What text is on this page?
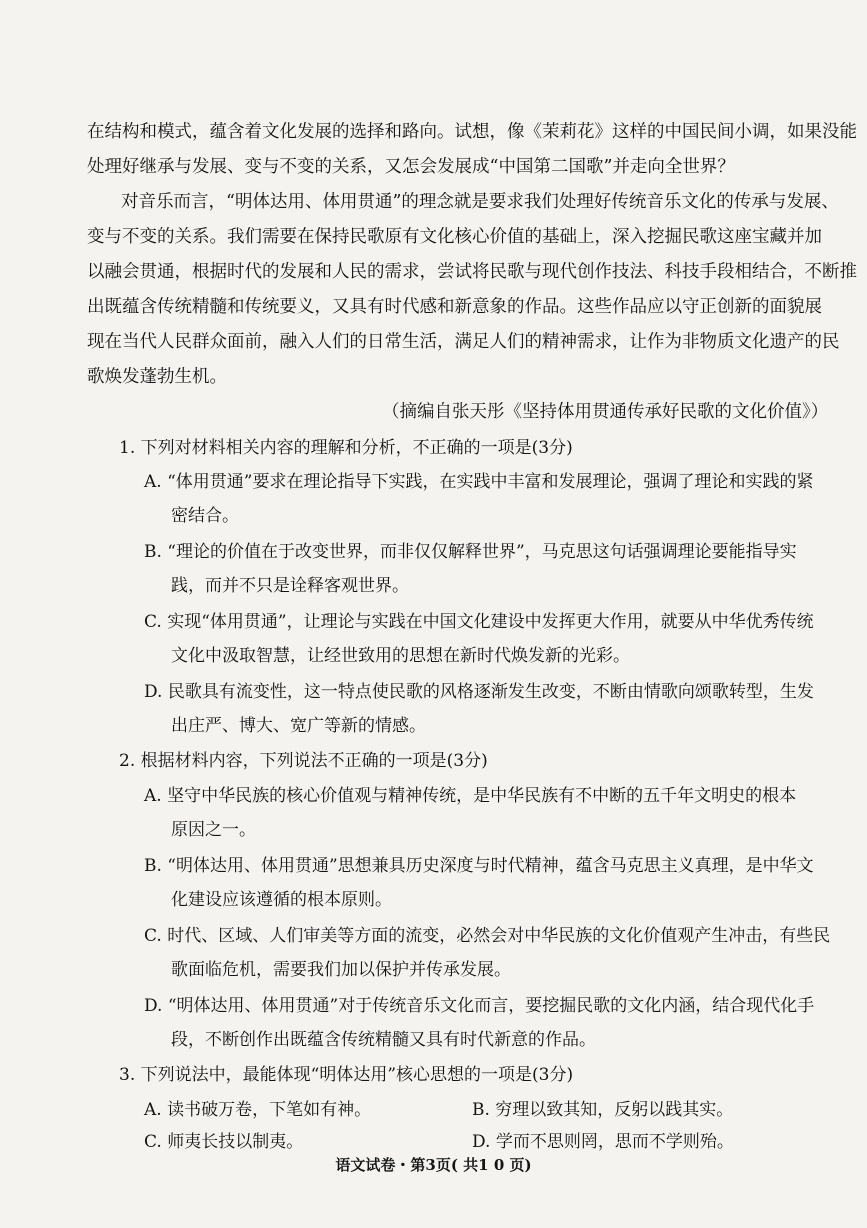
在结构和模式，蕴含着文化发展的选择和路向。试想，像《茉莉花》这样的中国民间小调，如果没能
处理好继承与发展、变与不变的关系，又怎会发展成“中国第二国歌”并走向全世界？
对音乐而言，“明体达用、体用贯通”的理念就是要求我们处理好传统音乐文化的传承与发展、
变与不变的关系。我们需要在保持民歌原有文化核心价值的基础上，深入挖掘民歌这座宝藏并加
以融会贯通，根据时代的发展和人民的需求，尝试将民歌与现代创作技法、科技手段相结合，不断推
出既蕴含传统精髓和传统要义，又具有时代感和新意象的作品。这些作品应以守正创新的面貌展
现在当代人民群众面前，融入人们的日常生活，满足人们的精神需求，让作为非物质文化遗产的民
歌焕发蓬勃生机。
（摘编自张天彤《坚持体用贯通传承好民歌的文化价值》）
1. 下列对材料相关内容的理解和分析，不正确的一项是(3分)
A. “体用贯通”要求在理论指导下实践，在实践中丰富和发展理论，强调了理论和实践的紧
密结合。
B. “理论的价值在于改变世界，而非仅仅解释世界”，马克思这句话强调理论要能指导实
践，而并不只是诠释客观世界。
C. 实现“体用贯通”，让理论与实践在中国文化建设中发挥更大作用，就要从中华优秀传统
文化中汲取智慧，让经世致用的思想在新时代焕发新的光彩。
D. 民歌具有流变性，这一特点使民歌的风格逐渐发生改变，不断由情歌向颂歌转型，生发
出庄严、博大、宽广等新的情感。
2. 根据材料内容，下列说法不正确的一项是(3分)
A. 坚守中华民族的核心价值观与精神传统，是中华民族有不中断的五千年文明史的根本
原因之一。
B. “明体达用、体用贯通”思想兼具历史深度与时代精神，蕴含马克思主义真理，是中华文
化建设应该遵循的根本原则。
C. 时代、区域、人们审美等方面的流变，必然会对中华民族的文化价值观产生冲击，有些民
歌面临危机，需要我们加以保护并传承发展。
D. “明体达用、体用贯通”对于传统音乐文化而言，要挖掘民歌的文化内涵，结合现代化手
段，不断创作出既蕴含传统精髓又具有时代新意的作品。
3. 下列说法中，最能体现“明体达用”核心思想的一项是(3分)
A. 读书破万卷，下笔如有神。	B. 穷理以致其知，反躬以践其实。
C. 师夷长技以制夷。	D. 学而不思则罔，思而不学则殆。
语文试卷・第3页( 共1 0 页)
